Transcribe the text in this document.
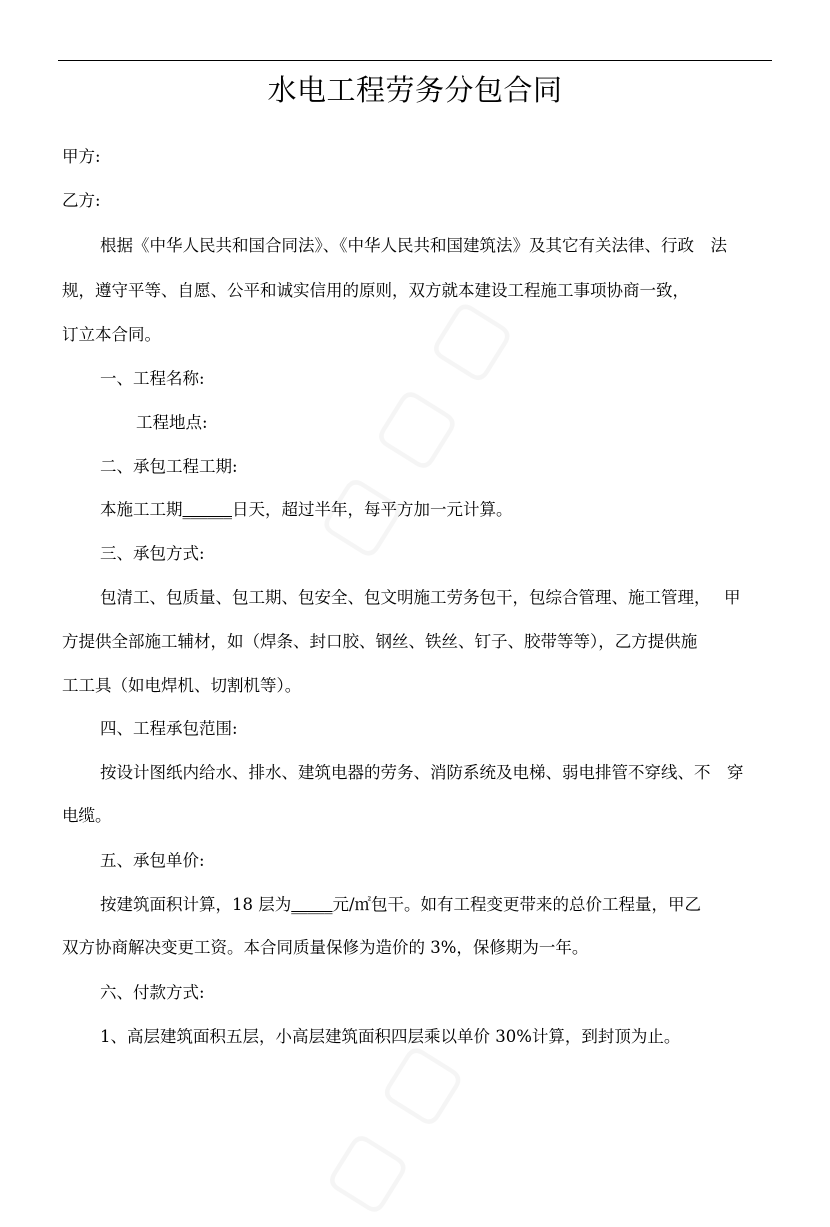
水电工程劳务分包合同
甲方:
乙方:
根据《中华人民共和国合同法》、《中华人民共和国建筑法》及其它有关法律、行政　法
规，遵守平等、自愿、公平和诚实信用的原则，双方就本建设工程施工事项协商一致，
订立本合同。
一、工程名称:
工程地点:
二、承包工程工期:
本施工工期______日天，超过半年，每平方加一元计算。
三、承包方式:
包清工、包质量、包工期、包安全、包文明施工劳务包干，包综合管理、施工管理，　 甲
方提供全部施工辅材，如（焊条、封口胶、钢丝、铁丝、钉子、胶带等等），乙方提供施
工工具（如电焊机、切割机等）。
四、工程承包范围:
按设计图纸内给水、排水、建筑电器的劳务、消防系统及电梯、弱电排管不穿线、不　穿
电缆。
五、承包单价:
按建筑面积计算，18 层为_____元/㎡包干。如有工程变更带来的总价工程量，甲乙
双方协商解决变更工资。本合同质量保修为造价的 3%，保修期为一年。
六、付款方式:
1、高层建筑面积五层，小高层建筑面积四层乘以单价 30%计算，到封顶为止。
